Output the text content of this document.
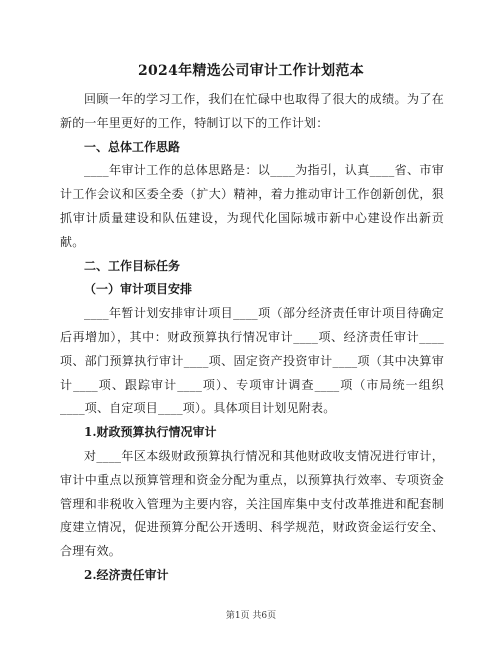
2024年精选公司审计工作计划范本

回顾一年的学习工作，我们在忙碌中也取得了很大的成绩。为了在新的一年里更好的工作，特制订以下的工作计划：

一、总体工作思路

____年审计工作的总体思路是：以____为指引，认真____省、市审计工作会议和区委全委（扩大）精神，着力推动审计工作创新创优，狠抓审计质量建设和队伍建设，为现代化国际城市新中心建设作出新贡献。

二、工作目标任务

（一）审计项目安排

____年暂计划安排审计项目____项（部分经济责任审计项目待确定后再增加），其中：财政预算执行情况审计____项、经济责任审计____项、部门预算执行审计____项、固定资产投资审计____项（其中决算审计____项、跟踪审计____项）、专项审计调查____项（市局统一组织____项、自定项目____项）。具体项目计划见附表。

1.财政预算执行情况审计

对____年区本级财政预算执行情况和其他财政收支情况进行审计，审计中重点以预算管理和资金分配为重点，以预算执行效率、专项资金管理和非税收入管理为主要内容，关注国库集中支付改革推进和配套制度建立情况，促进预算分配公开透明、科学规范，财政资金运行安全、合理有效。

2.经济责任审计

第1页 共6页
